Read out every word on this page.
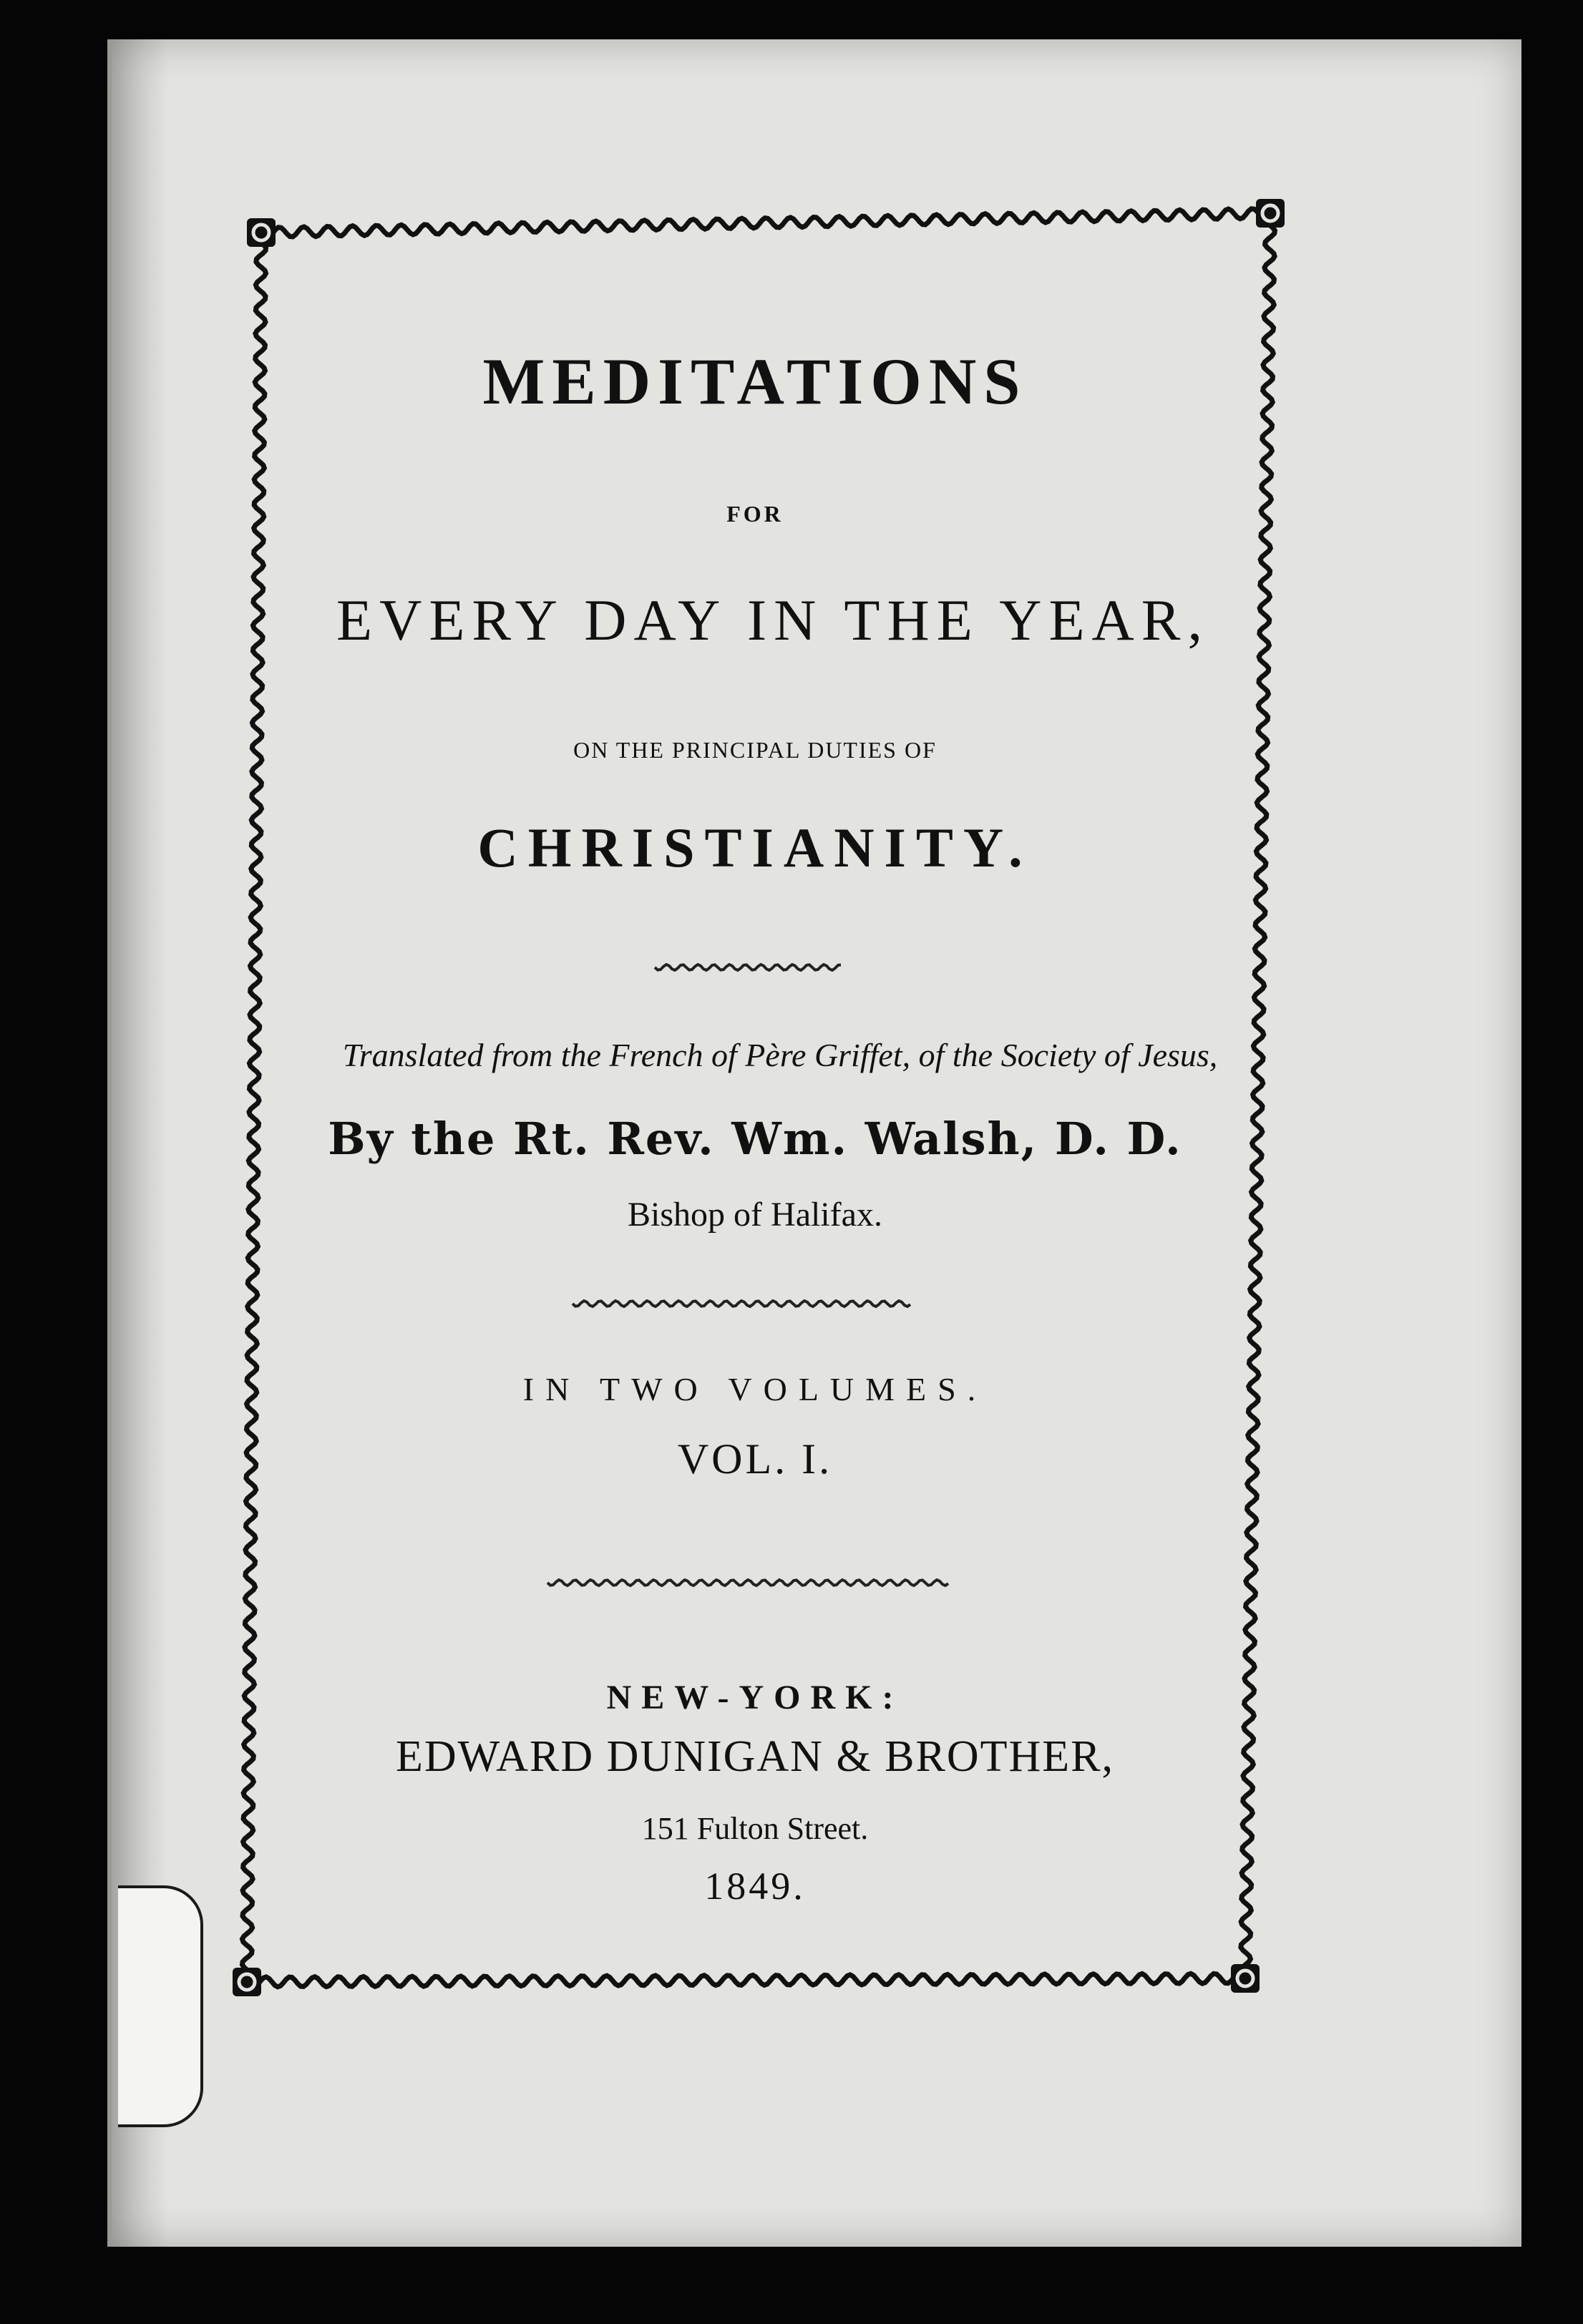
MEDITATIONS
FOR
EVERY DAY IN THE YEAR,
ON THE PRINCIPAL DUTIES OF
CHRISTIANITY.
Translated from the French of Père Griffet, of the Society of Jesus,
By the Rt. Rev. Wm. Walsh, D. D.
Bishop of Halifax.
IN TWO VOLUMES.
VOL. I.
NEW-YORK:
EDWARD DUNIGAN & BROTHER,
151 Fulton Street.
1849.
